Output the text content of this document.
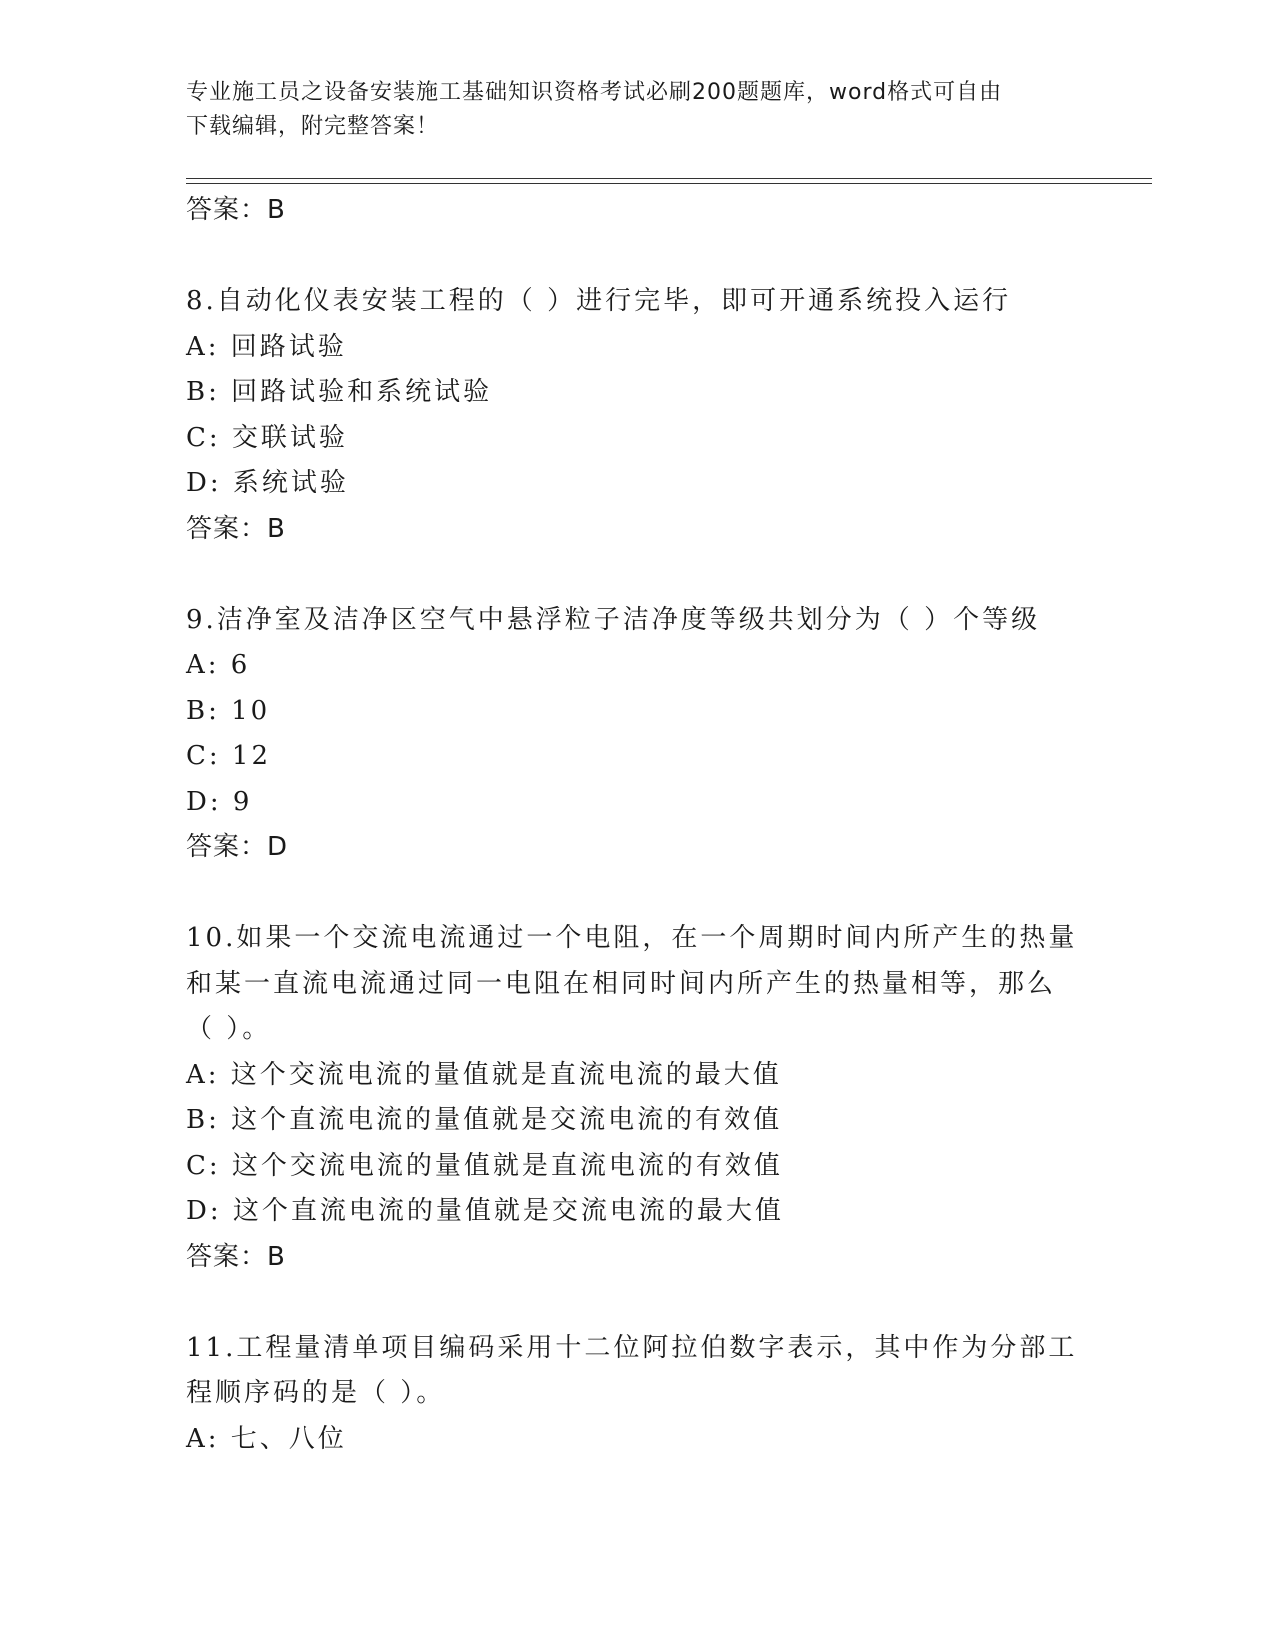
专业施工员之设备安装施工基础知识资格考试必刷200题题库，word格式可自由
下载编辑，附完整答案！
答案：B
8.自动化仪表安装工程的（ ）进行完毕，即可开通系统投入运行
A: 回路试验
B: 回路试验和系统试验
C: 交联试验
D: 系统试验
答案：B
9.洁净室及洁净区空气中悬浮粒子洁净度等级共划分为（ ）个等级
A: 6
B: 10
C: 12
D: 9
答案：D
10.如果一个交流电流通过一个电阻，在一个周期时间内所产生的热量
和某一直流电流通过同一电阻在相同时间内所产生的热量相等，那么
（ ）。
A: 这个交流电流的量值就是直流电流的最大值
B: 这个直流电流的量值就是交流电流的有效值
C: 这个交流电流的量值就是直流电流的有效值
D: 这个直流电流的量值就是交流电流的最大值
答案：B
11.工程量清单项目编码采用十二位阿拉伯数字表示，其中作为分部工
程顺序码的是（ ）。
A: 七、八位
